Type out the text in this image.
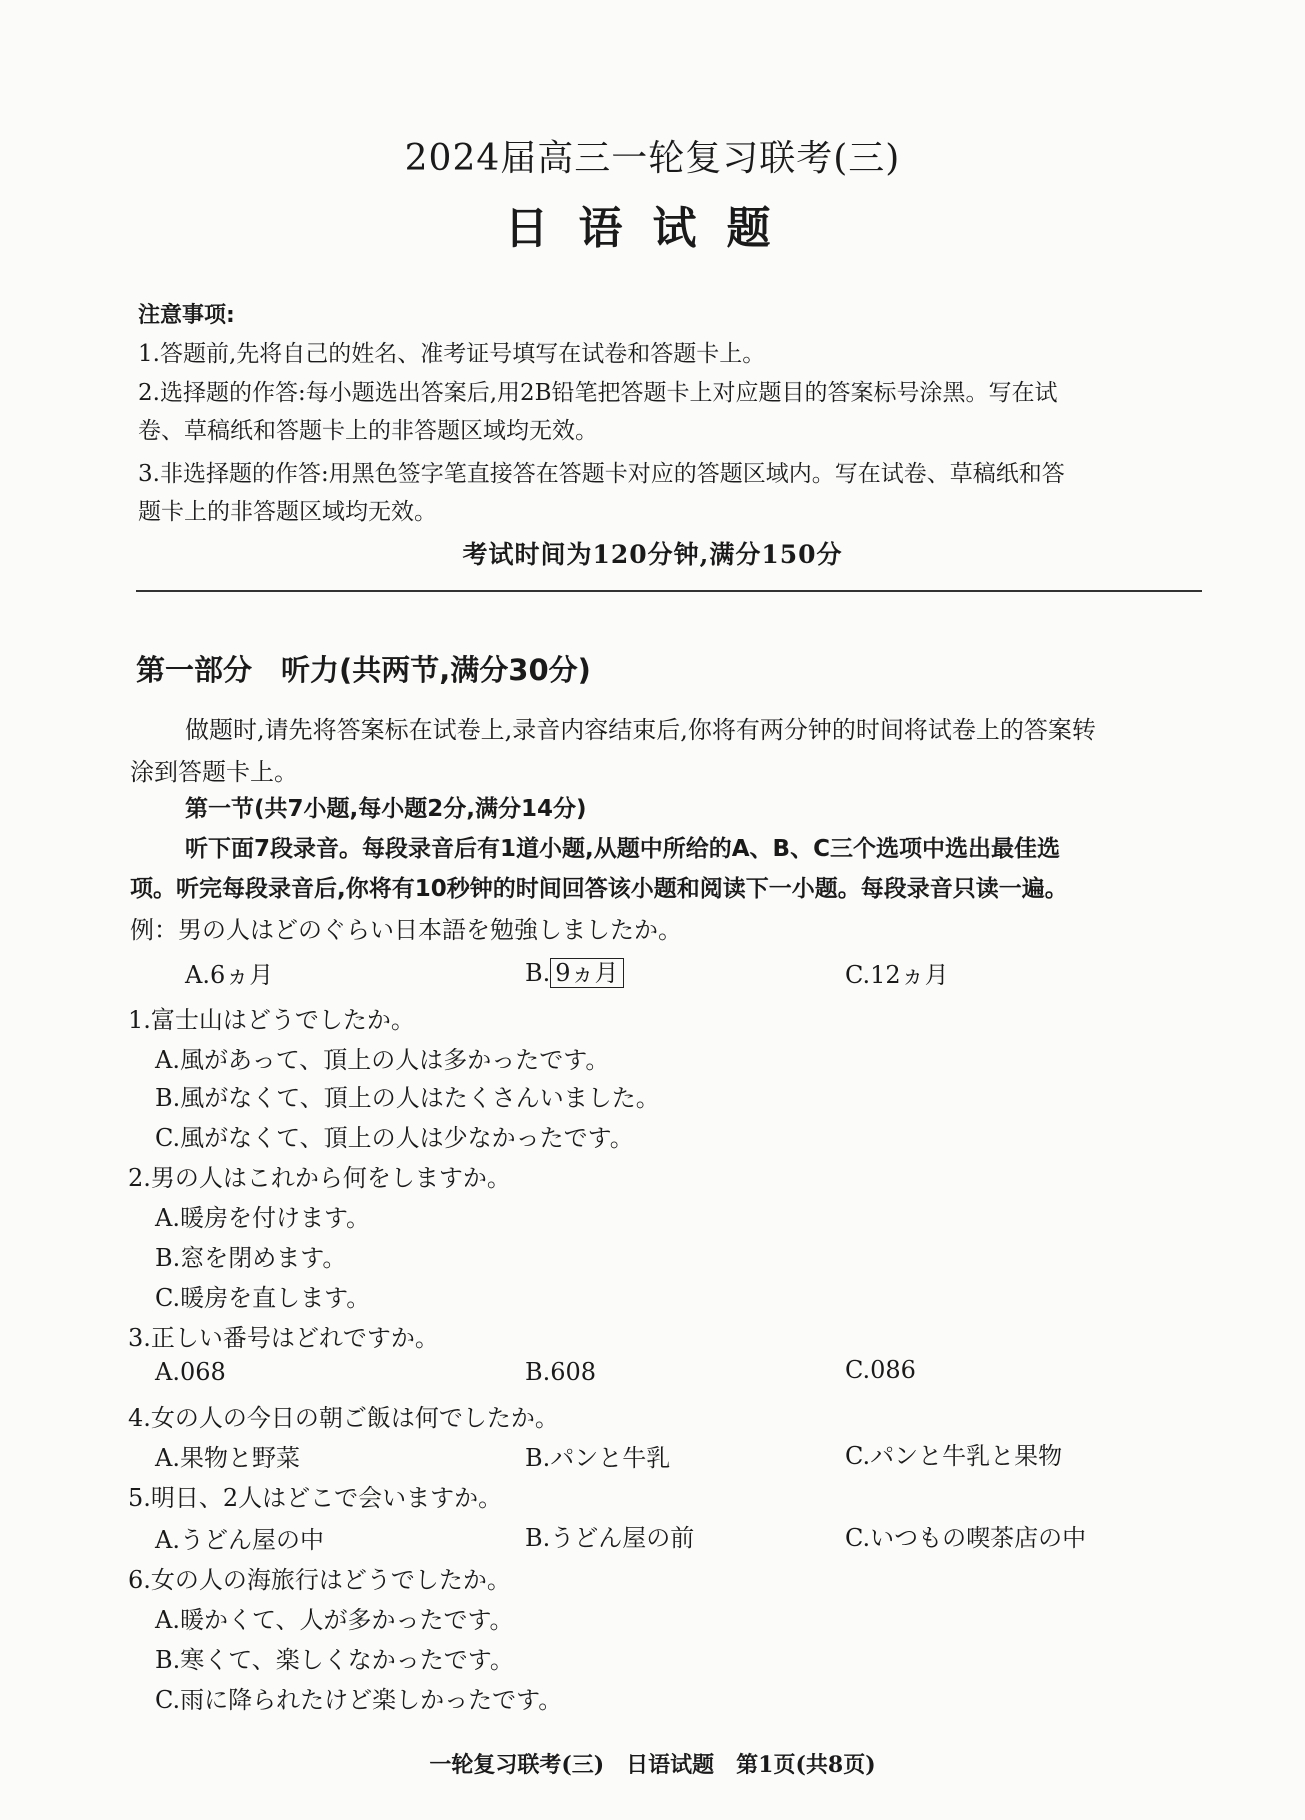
2024届高三一轮复习联考(三)
日语试题
注意事项:
1.答题前,先将自己的姓名、准考证号填写在试卷和答题卡上。
2.选择题的作答:每小题选出答案后,用2B铅笔把答题卡上对应题目的答案标号涂黑。写在试
卷、草稿纸和答题卡上的非答题区域均无效。
3.非选择题的作答:用黑色签字笔直接答在答题卡对应的答题区域内。写在试卷、草稿纸和答
题卡上的非答题区域均无效。
考试时间为120分钟,满分150分
第一部分　听力(共两节,满分30分)
做题时,请先将答案标在试卷上,录音内容结束后,你将有两分钟的时间将试卷上的答案转
涂到答题卡上。
第一节(共7小题,每小题2分,满分14分)
听下面7段录音。每段录音后有1道小题,从题中所给的A、B、C三个选项中选出最佳选
项。听完每段录音后,你将有10秒钟的时间回答该小题和阅读下一小题。每段录音只读一遍。
例：男の人はどのぐらい日本語を勉強しましたか。
A.6ヵ月	B. 9ヵ月	C.12ヵ月
1.富士山はどうでしたか。
A.風があって、頂上の人は多かったです。
B.風がなくて、頂上の人はたくさんいました。
C.風がなくて、頂上の人は少なかったです。
2.男の人はこれから何をしますか。
A.暖房を付けます。
B.窓を閉めます。
C.暖房を直します。
3.正しい番号はどれですか。
A.068	B.608	C.086
4.女の人の今日の朝ご飯は何でしたか。
A.果物と野菜	B.パンと牛乳	C.パンと牛乳と果物
5.明日、2人はどこで会いますか。
A.うどん屋の中	B.うどん屋の前	C.いつもの喫茶店の中
6.女の人の海旅行はどうでしたか。
A.暖かくて、人が多かったです。
B.寒くて、楽しくなかったです。
C.雨に降られたけど楽しかったです。
一轮复习联考(三)　日语试题　第1页(共8页)
